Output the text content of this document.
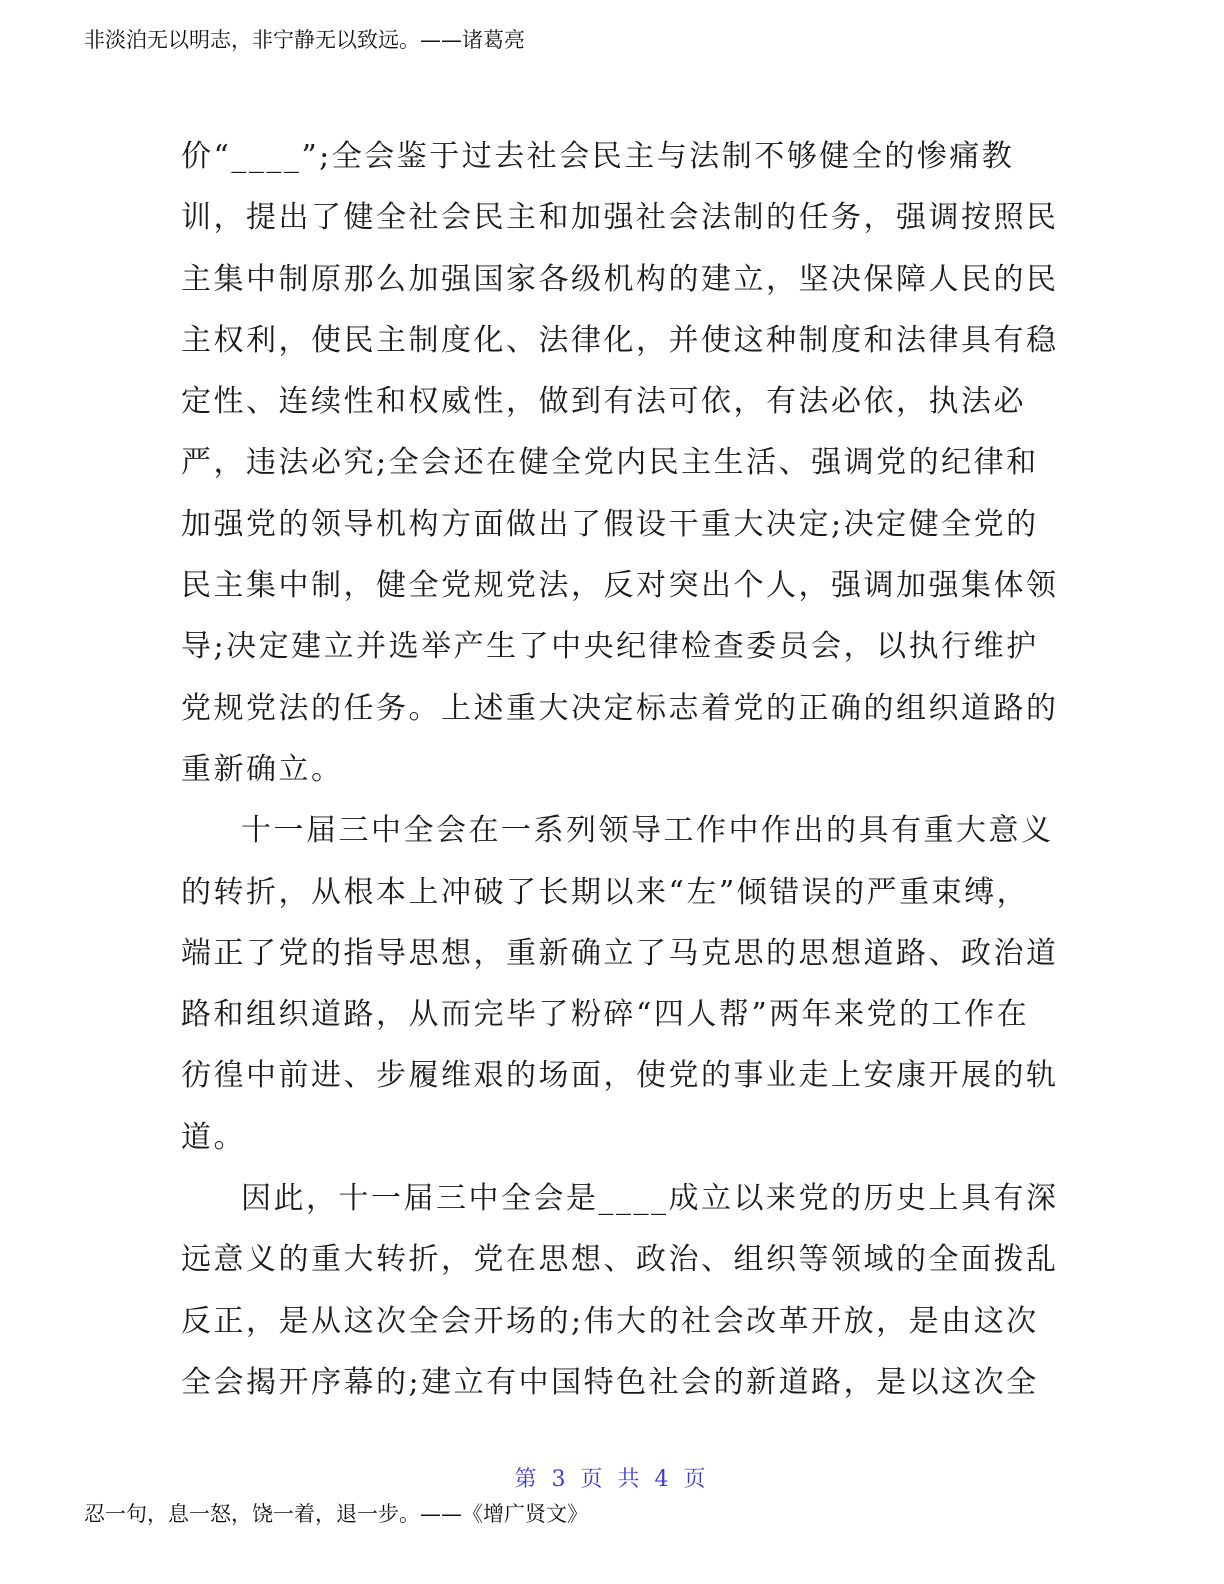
非淡泊无以明志，非宁静无以致远。——诸葛亮
价“____”;全会鉴于过去社会民主与法制不够健全的惨痛教
训，提出了健全社会民主和加强社会法制的任务，强调按照民
主集中制原那么加强国家各级机构的建立，坚决保障人民的民
主权利，使民主制度化、法律化，并使这种制度和法律具有稳
定性、连续性和权威性，做到有法可依，有法必依，执法必
严，违法必究;全会还在健全党内民主生活、强调党的纪律和
加强党的领导机构方面做出了假设干重大决定;决定健全党的
民主集中制，健全党规党法，反对突出个人，强调加强集体领
导;决定建立并选举产生了中央纪律检查委员会，以执行维护
党规党法的任务。上述重大决定标志着党的正确的组织道路的
重新确立。
十一届三中全会在一系列领导工作中作出的具有重大意义
的转折，从根本上冲破了长期以来“左”倾错误的严重束缚，
端正了党的指导思想，重新确立了马克思的思想道路、政治道
路和组织道路，从而完毕了粉碎“四人帮”两年来党的工作在
彷徨中前进、步履维艰的场面，使党的事业走上安康开展的轨
道。
因此，十一届三中全会是____成立以来党的历史上具有深
远意义的重大转折，党在思想、政治、组织等领域的全面拨乱
反正，是从这次全会开场的;伟大的社会改革开放，是由这次
全会揭开序幕的;建立有中国特色社会的新道路，是以这次全
第 3 页 共 4 页
忍一句，息一怒，饶一着，退一步。——《增广贤文》
